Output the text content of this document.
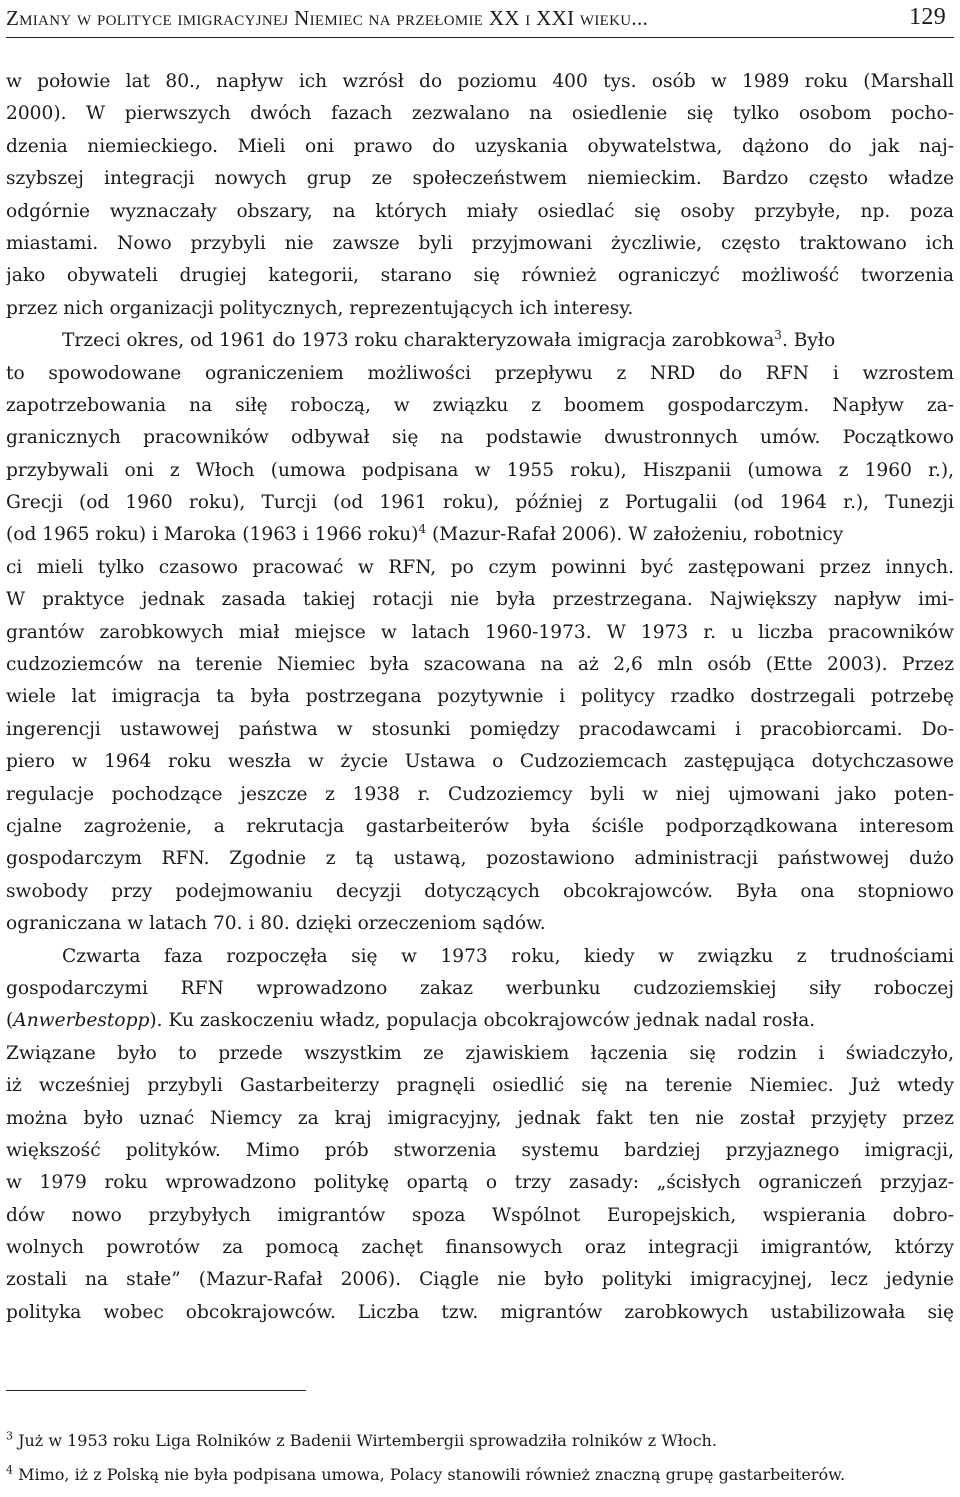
Zmiany w polityce imigracyjnej Niemiec na przełomie XX i XXI wieku...	129
w połowie lat 80., napływ ich wzrósł do poziomu 400 tys. osób w 1989 roku (Marshall
2000). W pierwszych dwóch fazach zezwalano na osiedlenie się tylko osobom pocho-
dzenia niemieckiego. Mieli oni prawo do uzyskania obywatelstwa, dążono do jak naj-
szybszej integracji nowych grup ze społeczeństwem niemieckim. Bardzo często władze
odgórnie wyznaczały obszary, na których miały osiedlać się osoby przybyłe, np. poza
miastami. Nowo przybyli nie zawsze byli przyjmowani życzliwie, często traktowano ich
jako obywateli drugiej kategorii, starano się również ograniczyć możliwość tworzenia
przez nich organizacji politycznych, reprezentujących ich interesy.
Trzeci okres, od 1961 do 1973 roku charakteryzowała imigracja zarobkowa$^3$. Było
to spowodowane ograniczeniem możliwości przepływu z NRD do RFN i wzrostem
zapotrzebowania na siłę roboczą, w związku z boomem gospodarczym. Napływ za-
granicznych pracowników odbywał się na podstawie dwustronnych umów. Początkowo
przybywali oni z Włoch (umowa podpisana w 1955 roku), Hiszpanii (umowa z 1960 r.),
Grecji (od 1960 roku), Turcji (od 1961 roku), później z Portugalii (od 1964 r.), Tunezji
(od 1965 roku) i Maroka (1963 i 1966 roku)$^4$ (Mazur-Rafał 2006). W założeniu, robotnicy
ci mieli tylko czasowo pracować w RFN, po czym powinni być zastępowani przez innych.
W praktyce jednak zasada takiej rotacji nie była przestrzegana. Największy napływ imi-
grantów zarobkowych miał miejsce w latach 1960-1973. W 1973 r. u liczba pracowników
cudzoziemców na terenie Niemiec była szacowana na aż 2,6 mln osób (Ette 2003). Przez
wiele lat imigracja ta była postrzegana pozytywnie i politycy rzadko dostrzegali potrzebę
ingerencji ustawowej państwa w stosunki pomiędzy pracodawcami i pracobiorcami. Do-
piero w 1964 roku weszła w życie Ustawa o Cudzoziemcach zastępująca dotychczasowe
regulacje pochodzące jeszcze z 1938 r. Cudzoziemcy byli w niej ujmowani jako poten-
cjalne zagrożenie, a rekrutacja gastarbeiterów była ściśle podporządkowana interesom
gospodarczym RFN. Zgodnie z tą ustawą, pozostawiono administracji państwowej dużo
swobody przy podejmowaniu decyzji dotyczących obcokrajowców. Była ona stopniowo
ograniczana w latach 70. i 80. dzięki orzeczeniom sądów.
Czwarta faza rozpoczęła się w 1973 roku, kiedy w związku z trudnościami
gospodarczymi RFN wprowadzono zakaz werbunku cudzoziemskiej siły roboczej
(Anwerbestopp). Ku zaskoczeniu władz, populacja obcokrajowców jednak nadal rosła.
Związane było to przede wszystkim ze zjawiskiem łączenia się rodzin i świadczyło,
iż wcześniej przybyli Gastarbeiterzy pragnęli osiedlić się na terenie Niemiec. Już wtedy
można było uznać Niemcy za kraj imigracyjny, jednak fakt ten nie został przyjęty przez
większość polityków. Mimo prób stworzenia systemu bardziej przyjaznego imigracji,
w 1979 roku wprowadzono politykę opartą o trzy zasady: „ścisłych ograniczeń przyjaz-
dów nowo przybyłych imigrantów spoza Wspólnot Europejskich, wspierania dobro-
wolnych powrotów za pomocą zachęt finansowych oraz integracji imigrantów, którzy
zostali na stałe” (Mazur-Rafał 2006). Ciągle nie było polityki imigracyjnej, lecz jedynie
polityka wobec obcokrajowców. Liczba tzw. migrantów zarobkowych ustabilizowała się
$^3$ Już w 1953 roku Liga Rolników z Badenii Wirtembergii sprowadziła rolników z Włoch.
$^4$ Mimo, iż z Polską nie była podpisana umowa, Polacy stanowili również znaczną grupę gastarbeiterów.
